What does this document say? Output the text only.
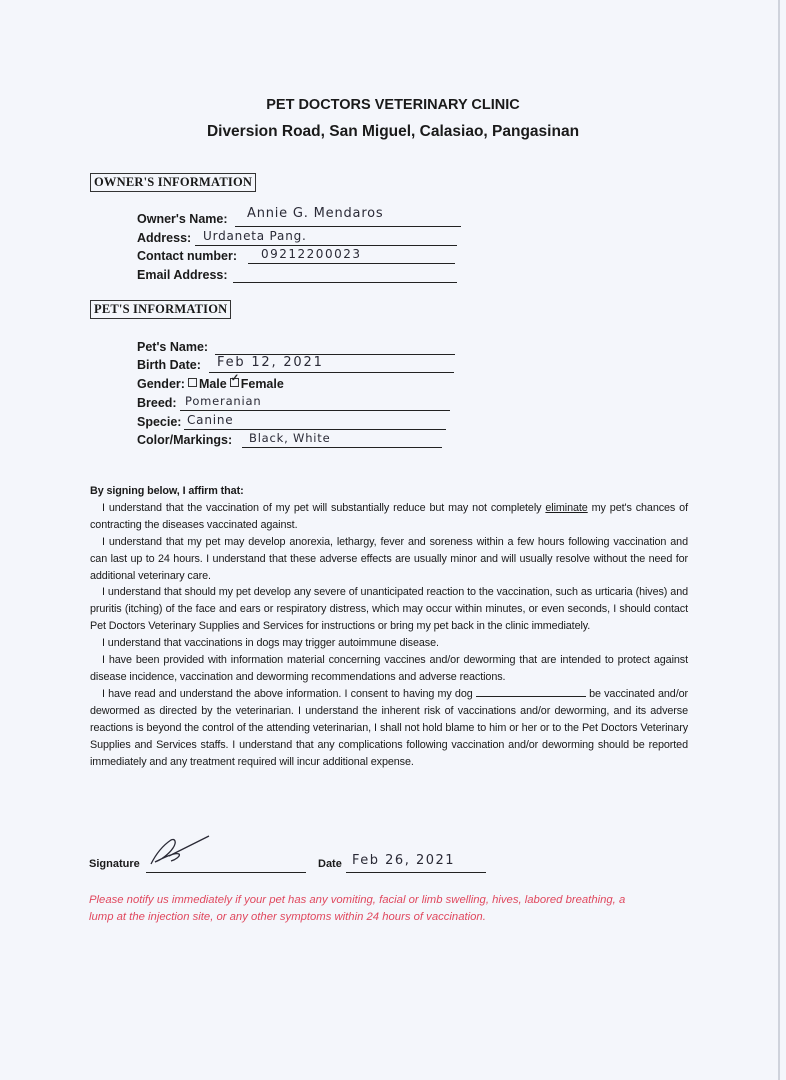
PET DOCTORS VETERINARY CLINIC
Diversion Road, San Miguel, Calasiao, Pangasinan
OWNER'S INFORMATION
Owner's Name: Annie G. Mendaros
Address: Urdaneta Pang.
Contact number: 09212200023
Email Address:
PET'S INFORMATION
Pet's Name:
Birth Date: Feb 12, 2021
Gender: Male✓ Female
Breed: Pomeranian
Specie: Canine
Color/Markings: Black, White
By signing below, I affirm that:

I understand that the vaccination of my pet will substantially reduce but may not completely eliminate my pet's chances of contracting the diseases vaccinated against.

I understand that my pet may develop anorexia, lethargy, fever and soreness within a few hours following vaccination and can last up to 24 hours. I understand that these adverse effects are usually minor and will usually resolve without the need for additional veterinary care.

I understand that should my pet develop any severe of unanticipated reaction to the vaccination, such as urticaria (hives) and pruritis (itching) of the face and ears or respiratory distress, which may occur within minutes, or even seconds, I should contact Pet Doctors Veterinary Supplies and Services for instructions or bring my pet back in the clinic immediately.

I understand that vaccinations in dogs may trigger autoimmune disease.

I have been provided with information material concerning vaccines and/or deworming that are intended to protect against disease incidence, vaccination and deworming recommendations and adverse reactions.

I have read and understand the above information. I consent to having my dog	be vaccinated and/or dewormed as directed by the veterinarian. I understand the inherent risk of vaccinations and/or deworming, and its adverse reactions is beyond the control of the attending veterinarian, I shall not hold blame to him or her or to the Pet Doctors Veterinary Supplies and Services staffs. I understand that any complications following vaccination and/or deworming should be reported immediately and any treatment required will incur additional expense.

Signature	Date Feb 26, 2021
Please notify us immediately if your pet has any vomiting, facial or limb swelling, hives, labored breathing, a lump at the injection site, or any other symptoms within 24 hours of vaccination.
